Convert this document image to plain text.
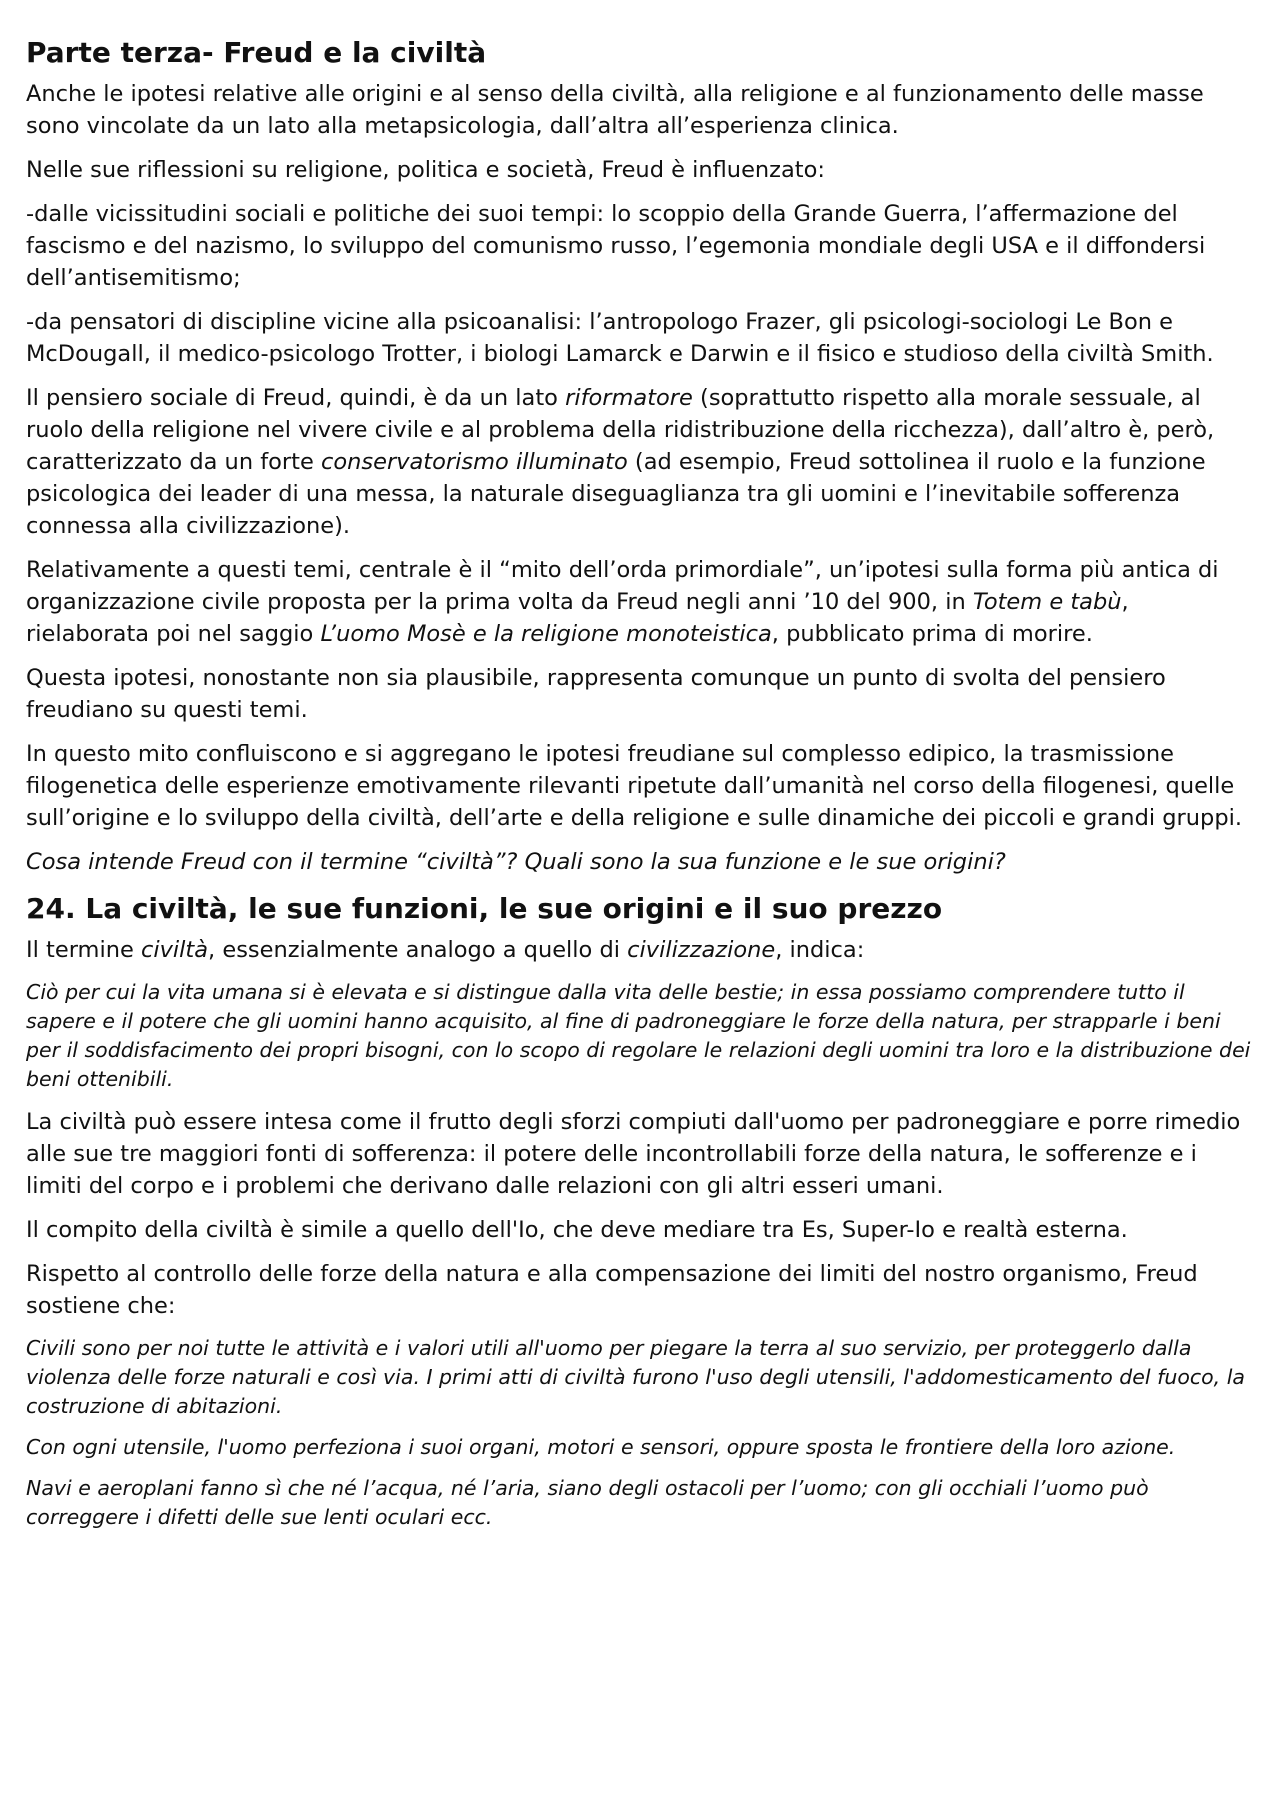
Parte terza- Freud e la civiltà

Anche le ipotesi relative alle origini e al senso della civiltà, alla religione e al funzionamento delle masse sono vincolate da un lato alla metapsicologia, dall’altra all’esperienza clinica.

Nelle sue riflessioni su religione, politica e società, Freud è influenzato:

-dalle vicissitudini sociali e politiche dei suoi tempi: lo scoppio della Grande Guerra, l’affermazione del fascismo e del nazismo, lo sviluppo del comunismo russo, l’egemonia mondiale degli USA e il diffondersi dell’antisemitismo;

-da pensatori di discipline vicine alla psicoanalisi: l’antropologo Frazer, gli psicologi-sociologi Le Bon e McDougall, il medico-psicologo Trotter, i biologi Lamarck e Darwin e il fisico e studioso della civiltà Smith.

Il pensiero sociale di Freud, quindi, è da un lato riformatore (soprattutto rispetto alla morale sessuale, al ruolo della religione nel vivere civile e al problema della ridistribuzione della ricchezza), dall’altro è, però, caratterizzato da un forte conservatorismo illuminato (ad esempio, Freud sottolinea il ruolo e la funzione psicologica dei leader di una messa, la naturale diseguaglianza tra gli uomini e l’inevitabile sofferenza connessa alla civilizzazione).

Relativamente a questi temi, centrale è il “mito dell’orda primordiale”, un’ipotesi sulla forma più antica di organizzazione civile proposta per la prima volta da Freud negli anni ’10 del 900, in Totem e tabù, rielaborata poi nel saggio L’uomo Mosè e la religione monoteistica, pubblicato prima di morire.

Questa ipotesi, nonostante non sia plausibile, rappresenta comunque un punto di svolta del pensiero freudiano su questi temi.

In questo mito confluiscono e si aggregano le ipotesi freudiane sul complesso edipico, la trasmissione filogenetica delle esperienze emotivamente rilevanti ripetute dall’umanità nel corso della filogenesi, quelle sull’origine e lo sviluppo della civiltà, dell’arte e della religione e sulle dinamiche dei piccoli e grandi gruppi.

Cosa intende Freud con il termine “civiltà”? Quali sono la sua funzione e le sue origini?

24. La civiltà, le sue funzioni, le sue origini e il suo prezzo

Il termine civiltà, essenzialmente analogo a quello di civilizzazione, indica:

Ciò per cui la vita umana si è elevata e si distingue dalla vita delle bestie; in essa possiamo comprendere tutto il sapere e il potere che gli uomini hanno acquisito, al fine di padroneggiare le forze della natura, per strapparle i beni per il soddisfacimento dei propri bisogni, con lo scopo di regolare le relazioni degli uomini tra loro e la distribuzione dei beni ottenibili.

La civiltà può essere intesa come il frutto degli sforzi compiuti dall'uomo per padroneggiare e porre rimedio alle sue tre maggiori fonti di sofferenza: il potere delle incontrollabili forze della natura, le sofferenze e i limiti del corpo e i problemi che derivano dalle relazioni con gli altri esseri umani.

Il compito della civiltà è simile a quello dell'Io, che deve mediare tra Es, Super-Io e realtà esterna.

Rispetto al controllo delle forze della natura e alla compensazione dei limiti del nostro organismo, Freud sostiene che:

Civili sono per noi tutte le attività e i valori utili all'uomo per piegare la terra al suo servizio, per proteggerlo dalla violenza delle forze naturali e così via. I primi atti di civiltà furono l'uso degli utensili, l'addomesticamento del fuoco, la costruzione di abitazioni.

Con ogni utensile, l'uomo perfeziona i suoi organi, motori e sensori, oppure sposta le frontiere della loro azione.

Navi e aeroplani fanno sì che né l’acqua, né l’aria, siano degli ostacoli per l’uomo; con gli occhiali l’uomo può correggere i difetti delle sue lenti oculari ecc.
